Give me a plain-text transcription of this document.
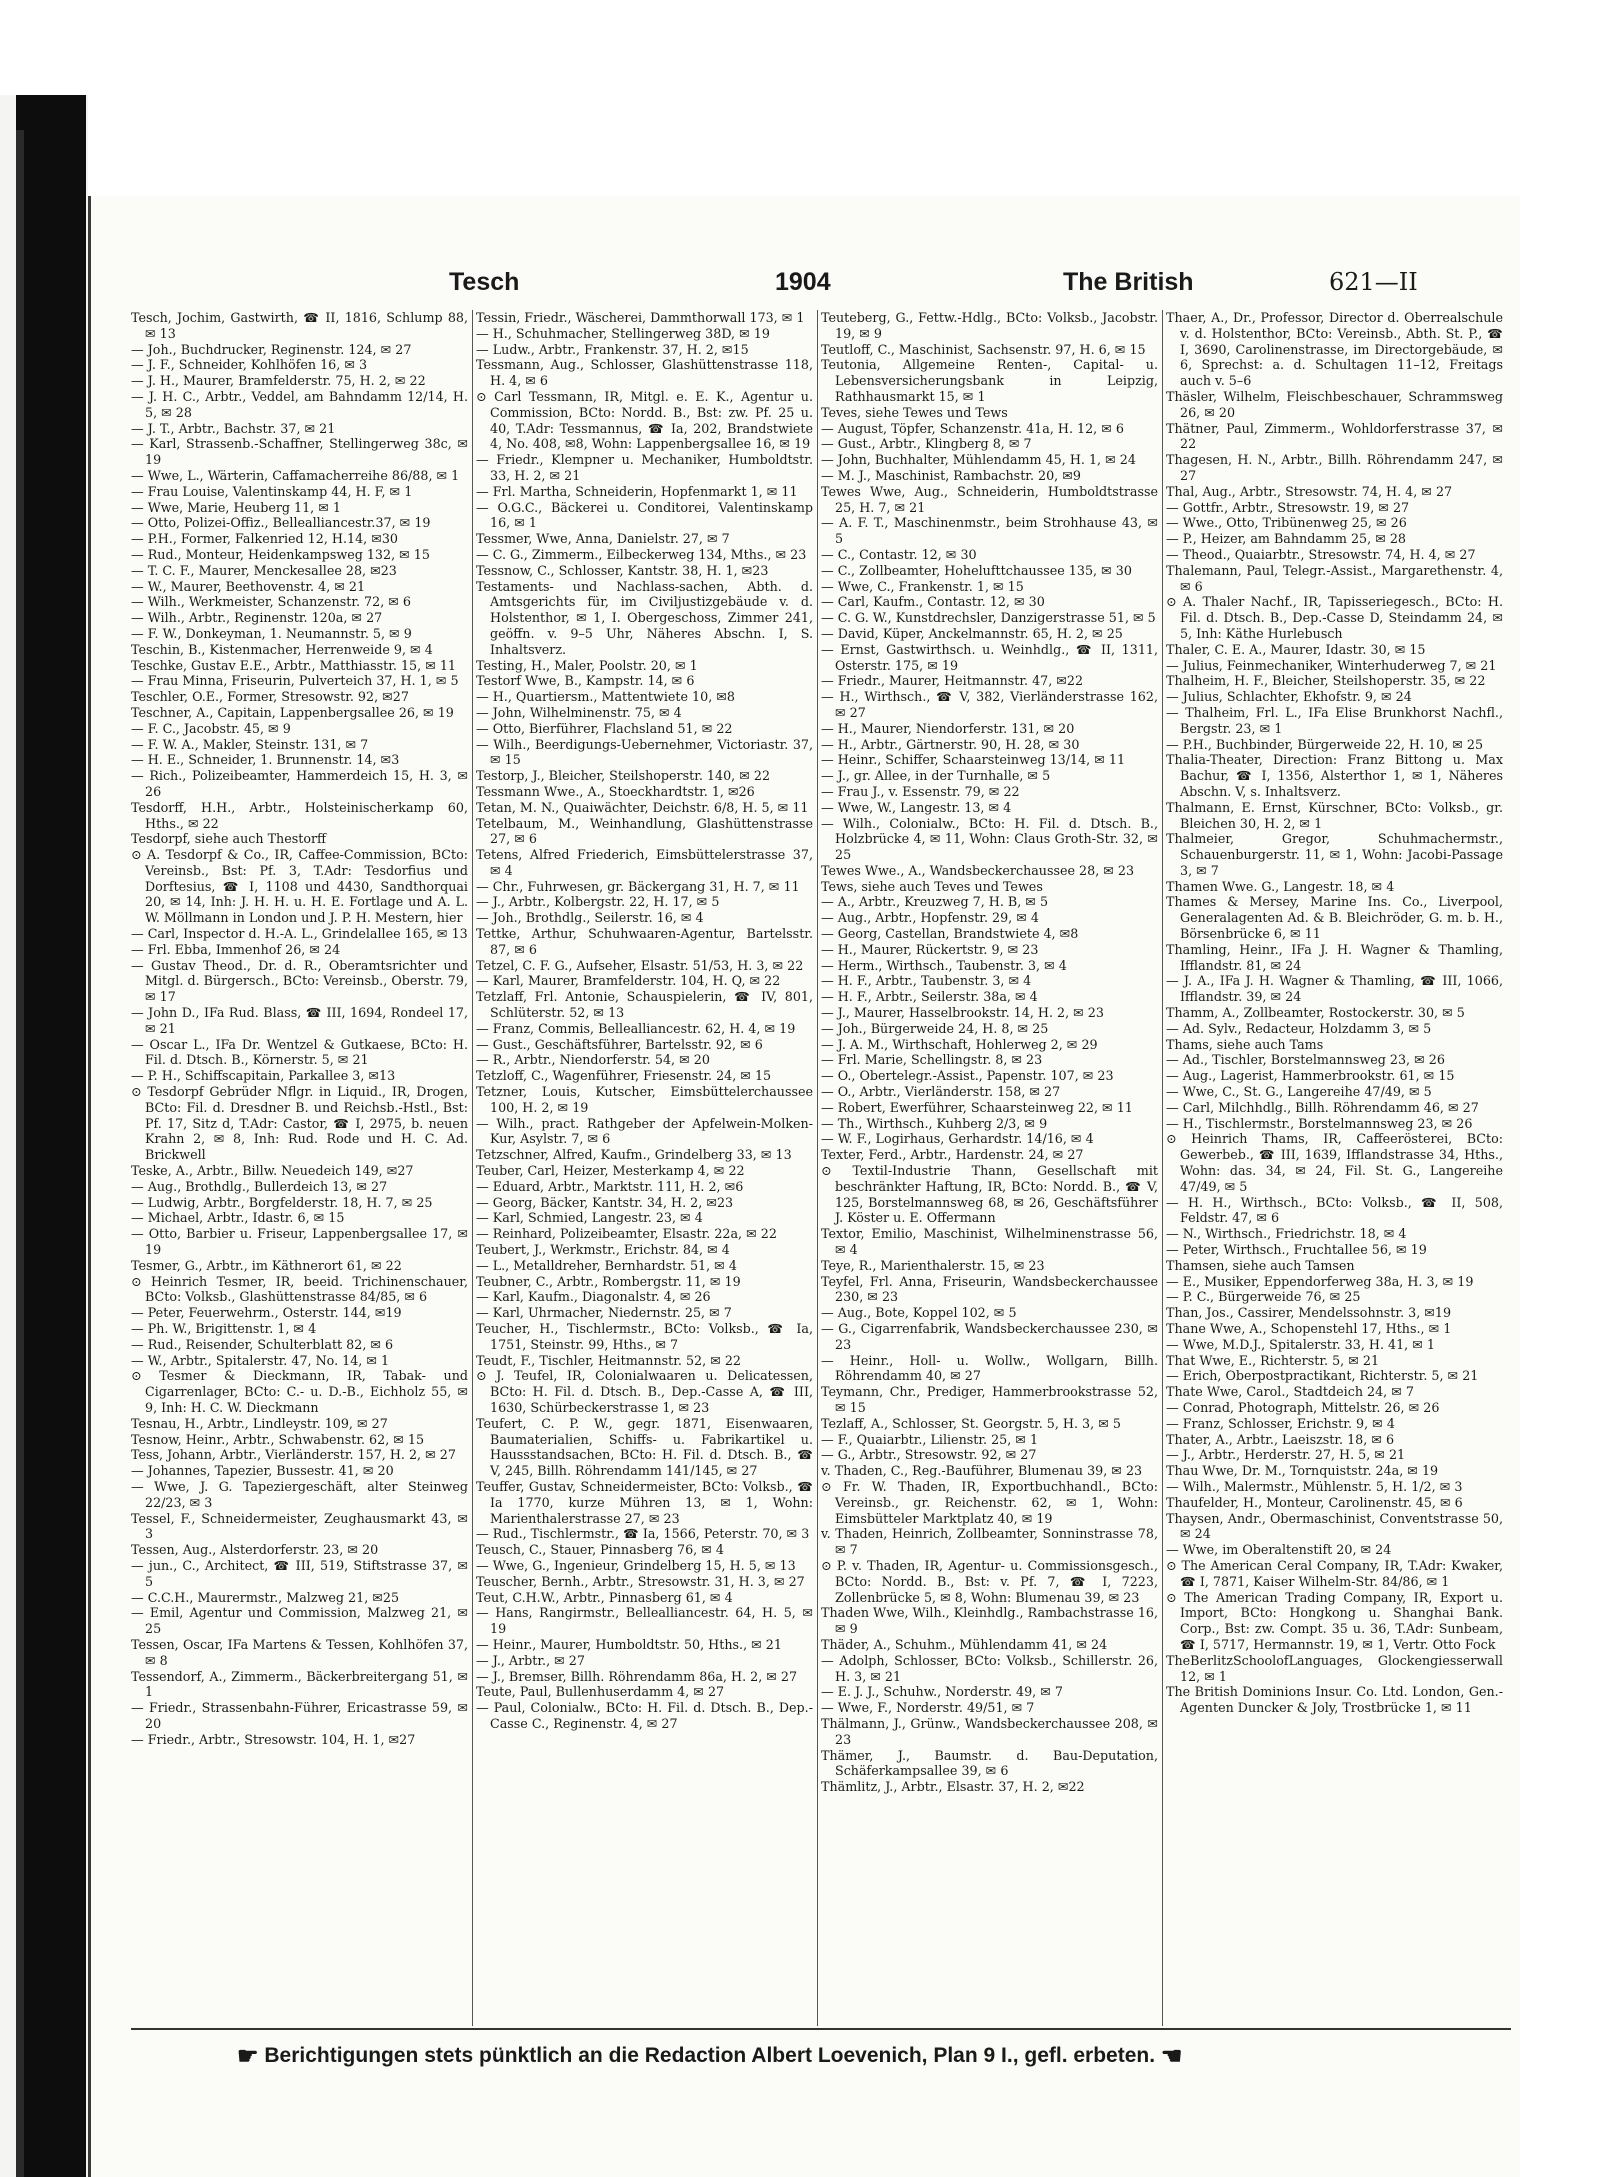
Tesch	1904	The British	621—II
Tesch, Jochim, Gastwirth, ☎ II, 1816, Schlump 88, ✉ 13
— Joh., Buchdrucker, Reginenstr. 124, ✉ 27
— J. F., Schneider, Kohlhöfen 16, ✉ 3
— J. H., Maurer, Bramfelderstr. 75, H. 2, ✉ 22
— J. H. C., Arbtr., Veddel, am Bahndamm 12/14, H. 5, ✉ 28
— J. T., Arbtr., Bachstr. 37, ✉ 21
— Karl, Strassenb.-Schaffner, Stellingerweg 38c, ✉ 19
— Wwe, L., Wärterin, Caffamacherreihe 86/88, ✉ 1
— Frau Louise, Valentinskamp 44, H. F, ✉ 1
— Wwe, Marie, Heuberg 11, ✉ 1
— Otto, Polizei-Offiz., Bellealliancestr.37, ✉ 19
— P.H., Former, Falkenried 12, H.14, ✉30
— Rud., Monteur, Heidenkampsweg 132, ✉ 15
— T. C. F., Maurer, Menckesallee 28, ✉23
— W., Maurer, Beethovenstr. 4, ✉ 21
— Wilh., Werkmeister, Schanzenstr. 72, ✉ 6
— Wilh., Arbtr., Reginenstr. 120a, ✉ 27
— F. W., Donkeyman, 1. Neumannstr. 5, ✉ 9
Teschin, B., Kistenmacher, Herrenweide 9, ✉ 4
Teschke, Gustav E.E., Arbtr., Matthiasstr. 15, ✉ 11
— Frau Minna, Friseurin, Pulverteich 37, H. 1, ✉ 5
Teschler, O.E., Former, Stresowstr. 92, ✉27
Teschner, A., Capitain, Lappenbergsallee 26, ✉ 19
— F. C., Jacobstr. 45, ✉ 9
— F. W. A., Makler, Steinstr. 131, ✉ 7
— H. E., Schneider, 1. Brunnenstr. 14, ✉3
— Rich., Polizeibeamter, Hammerdeich 15, H. 3, ✉ 26
Tesdorff, H.H., Arbtr., Holsteinischerkamp 60, Hths., ✉ 22
Tesdorpf, siehe auch Thestorff
⊙ A. Tesdorpf & Co., IR, Caffee-Commission, BCto: Vereinsb., Bst: Pf. 3, T.Adr: Tesdorfius und Dorftesius, ☎ I, 1108 und 4430, Sandthorquai 20, ✉ 14, Inh: J. H. H. u. H. E. Fortlage und A. L. W. Möllmann in London und J. P. H. Mestern, hier
— Carl, Inspector d. H.-A. L., Grindelallee 165, ✉ 13
— Frl. Ebba, Immenhof 26, ✉ 24
— Gustav Theod., Dr. d. R., Oberamtsrichter und Mitgl. d. Bürgersch., BCto: Vereinsb., Oberstr. 79, ✉ 17
— John D., IFa Rud. Blass, ☎ III, 1694, Rondeel 17, ✉ 21
— Oscar L., IFa Dr. Wentzel & Gutkaese, BCto: H. Fil. d. Dtsch. B., Körnerstr. 5, ✉ 21
— P. H., Schiffscapitain, Parkallee 3, ✉13
⊙ Tesdorpf Gebrüder Nflgr. in Liquid., IR, Drogen, BCto: Fil. d. Dresdner B. und Reichsb.-Hstl., Bst: Pf. 17, Sitz d, T.Adr: Castor, ☎ I, 2975, b. neuen Krahn 2, ✉ 8, Inh: Rud. Rode und H. C. Ad. Brickwell
Teske, A., Arbtr., Billw. Neuedeich 149, ✉27
— Aug., Brothdlg., Bullerdeich 13, ✉ 27
— Ludwig, Arbtr., Borgfelderstr. 18, H. 7, ✉ 25
— Michael, Arbtr., Idastr. 6, ✉ 15
— Otto, Barbier u. Friseur, Lappenbergsallee 17, ✉ 19
Tesmer, G., Arbtr., im Käthnerort 61, ✉ 22
⊙ Heinrich Tesmer, IR, beeid. Trichinenschauer, BCto: Volksb., Glashüttenstrasse 84/85, ✉ 6
— Peter, Feuerwehrm., Osterstr. 144, ✉19
— Ph. W., Brigittenstr. 1, ✉ 4
— Rud., Reisender, Schulterblatt 82, ✉ 6
— W., Arbtr., Spitalerstr. 47, No. 14, ✉ 1
⊙ Tesmer & Dieckmann, IR, Tabak- und Cigarrenlager, BCto: C.- u. D.-B., Eichholz 55, ✉ 9, Inh: H. C. W. Dieckmann
Tesnau, H., Arbtr., Lindleystr. 109, ✉ 27
Tesnow, Heinr., Arbtr., Schwabenstr. 62, ✉ 15
Tess, Johann, Arbtr., Vierländerstr. 157, H. 2, ✉ 27
— Johannes, Tapezier, Bussestr. 41, ✉ 20
— Wwe, J. G. Tapeziergeschäft, alter Steinweg 22/23, ✉ 3
Tessel, F., Schneidermeister, Zeughausmarkt 43, ✉ 3
Tessen, Aug., Alsterdorferstr. 23, ✉ 20
— jun., C., Architect, ☎ III, 519, Stiftstrasse 37, ✉ 5
— C.C.H., Maurermstr., Malzweg 21, ✉25
— Emil, Agentur und Commission, Malzweg 21, ✉ 25
Tessen, Oscar, IFa Martens & Tessen, Kohlhöfen 37, ✉ 8
Tessendorf, A., Zimmerm., Bäckerbreitergang 51, ✉ 1
— Friedr., Strassenbahn-Führer, Ericastrasse 59, ✉ 20
— Friedr., Arbtr., Stresowstr. 104, H. 1, ✉27
Tessin, Friedr., Wäscherei, Dammthorwall 173, ✉ 1
— H., Schuhmacher, Stellingerweg 38D, ✉ 19
— Ludw., Arbtr., Frankenstr. 37, H. 2, ✉15
Tessmann, Aug., Schlosser, Glashüttenstrasse 118, H. 4, ✉ 6
⊙ Carl Tessmann, IR, Mitgl. e. E. K., Agentur u. Commission, BCto: Nordd. B., Bst: zw. Pf. 25 u. 40, T.Adr: Tessmannus, ☎ Ia, 202, Brandstwiete 4, No. 408, ✉8, Wohn: Lappenbergsallee 16, ✉ 19
— Friedr., Klempner u. Mechaniker, Humboldtstr. 33, H. 2, ✉ 21
— Frl. Martha, Schneiderin, Hopfenmarkt 1, ✉ 11
— O.G.C., Bäckerei u. Conditorei, Valentinskamp 16, ✉ 1
Tessmer, Wwe, Anna, Danielstr. 27, ✉ 7
— C. G., Zimmerm., Eilbeckerweg 134, Mths., ✉ 23
Tessnow, C., Schlosser, Kantstr. 38, H. 1, ✉23
Testaments- und Nachlass-sachen, Abth. d. Amtsgerichts für, im Civiljustizgebäude v. d. Holstenthor, ✉ 1, I. Obergeschoss, Zimmer 241, geöffn. v. 9–5 Uhr, Näheres Abschn. I, S. Inhaltsverz.
Testing, H., Maler, Poolstr. 20, ✉ 1
Testorf Wwe, B., Kampstr. 14, ✉ 6
— H., Quartiersm., Mattentwiete 10, ✉8
— John, Wilhelminenstr. 75, ✉ 4
— Otto, Bierführer, Flachsland 51, ✉ 22
— Wilh., Beerdigungs-Uebernehmer, Victoriastr. 37, ✉ 15
Testorp, J., Bleicher, Steilshoperstr. 140, ✉ 22
Tessmann Wwe., A., Stoeckhardtstr. 1, ✉26
Tetan, M. N., Quaiwächter, Deichstr. 6/8, H. 5, ✉ 11
Tetelbaum, M., Weinhandlung, Glashüttenstrasse 27, ✉ 6
Tetens, Alfred Friederich, Eimsbüttelerstrasse 37, ✉ 4
— Chr., Fuhrwesen, gr. Bäckergang 31, H. 7, ✉ 11
— J., Arbtr., Kolbergstr. 22, H. 17, ✉ 5
— Joh., Brothdlg., Seilerstr. 16, ✉ 4
Tettke, Arthur, Schuhwaaren-Agentur, Bartelsstr. 87, ✉ 6
Tetzel, C. F. G., Aufseher, Elsastr. 51/53, H. 3, ✉ 22
— Karl, Maurer, Bramfelderstr. 104, H. Q, ✉ 22
Tetzlaff, Frl. Antonie, Schauspielerin, ☎ IV, 801, Schlüterstr. 52, ✉ 13
— Franz, Commis, Bellealliancestr. 62, H. 4, ✉ 19
— Gust., Geschäftsführer, Bartelsstr. 92, ✉ 6
— R., Arbtr., Niendorferstr. 54, ✉ 20
Tetzloff, C., Wagenführer, Friesenstr. 24, ✉ 15
Tetzner, Louis, Kutscher, Eimsbüttelerchaussee 100, H. 2, ✉ 19
— Wilh., pract. Rathgeber der Apfelwein-Molken-Kur, Asylstr. 7, ✉ 6
Tetzschner, Alfred, Kaufm., Grindelberg 33, ✉ 13
Teuber, Carl, Heizer, Mesterkamp 4, ✉ 22
— Eduard, Arbtr., Marktstr. 111, H. 2, ✉6
— Georg, Bäcker, Kantstr. 34, H. 2, ✉23
— Karl, Schmied, Langestr. 23, ✉ 4
— Reinhard, Polizeibeamter, Elsastr. 22a, ✉ 22
Teubert, J., Werkmstr., Erichstr. 84, ✉ 4
— L., Metalldreher, Bernhardstr. 51, ✉ 4
Teubner, C., Arbtr., Rombergstr. 11, ✉ 19
— Karl, Kaufm., Diagonalstr. 4, ✉ 26
— Karl, Uhrmacher, Niedernstr. 25, ✉ 7
Teucher, H., Tischlermstr., BCto: Volksb., ☎ Ia, 1751, Steinstr. 99, Hths., ✉ 7
Teudt, F., Tischler, Heitmannstr. 52, ✉ 22
⊙ J. Teufel, IR, Colonialwaaren u. Delicatessen, BCto: H. Fil. d. Dtsch. B., Dep.-Casse A, ☎ III, 1630, Schürbeckerstrasse 1, ✉ 23
Teufert, C. P. W., gegr. 1871, Eisenwaaren, Baumaterialien, Schiffs- u. Fabrikartikel u. Haussstandsachen, BCto: H. Fil. d. Dtsch. B., ☎ V, 245, Billh. Röhrendamm 141/145, ✉ 27
Teuffer, Gustav, Schneidermeister, BCto: Volksb., ☎ Ia 1770, kurze Mühren 13, ✉ 1, Wohn: Marienthalerstrasse 27, ✉ 23
— Rud., Tischlermstr., ☎ Ia, 1566, Peterstr. 70, ✉ 3
Teusch, C., Stauer, Pinnasberg 76, ✉ 4
— Wwe, G., Ingenieur, Grindelberg 15, H. 5, ✉ 13
Teuscher, Bernh., Arbtr., Stresowstr. 31, H. 3, ✉ 27
Teut, C.H.W., Arbtr., Pinnasberg 61, ✉ 4
— Hans, Rangirmstr., Bellealliancestr. 64, H. 5, ✉ 19
— Heinr., Maurer, Humboldtstr. 50, Hths., ✉ 21
— J., Arbtr., ✉ 27
— J., Bremser, Billh. Röhrendamm 86a, H. 2, ✉ 27
Teute, Paul, Bullenhuserdamm 4, ✉ 27
— Paul, Colonialw., BCto: H. Fil. d. Dtsch. B., Dep.-Casse C., Reginenstr. 4, ✉ 27
Teuteberg, G., Fettw.-Hdlg., BCto: Volksb., Jacobstr. 19, ✉ 9
Teutloff, C., Maschinist, Sachsenstr. 97, H. 6, ✉ 15
Teutonia, Allgemeine Renten-, Capital- u. Lebensversicherungsbank in Leipzig, Rathhausmarkt 15, ✉ 1
Teves, siehe Tewes und Tews
— August, Töpfer, Schanzenstr. 41a, H. 12, ✉ 6
— Gust., Arbtr., Klingberg 8, ✉ 7
— John, Buchhalter, Mühlendamm 45, H. 1, ✉ 24
— M. J., Maschinist, Rambachstr. 20, ✉9
Tewes Wwe, Aug., Schneiderin, Humboldtstrasse 25, H. 7, ✉ 21
— A. F. T., Maschinenmstr., beim Strohhause 43, ✉ 5
— C., Contastr. 12, ✉ 30
— C., Zollbeamter, Hohelufttchaussee 135, ✉ 30
— Wwe, C., Frankenstr. 1, ✉ 15
— Carl, Kaufm., Contastr. 12, ✉ 30
— C. G. W., Kunstdrechsler, Danzigerstrasse 51, ✉ 5
— David, Küper, Anckelmannstr. 65, H. 2, ✉ 25
— Ernst, Gastwirthsch. u. Weinhdlg., ☎ II, 1311, Osterstr. 175, ✉ 19
— Friedr., Maurer, Heitmannstr. 47, ✉22
— H., Wirthsch., ☎ V, 382, Vierländerstrasse 162, ✉ 27
— H., Maurer, Niendorferstr. 131, ✉ 20
— H., Arbtr., Gärtnerstr. 90, H. 28, ✉ 30
— Heinr., Schiffer, Schaarsteinweg 13/14, ✉ 11
— J., gr. Allee, in der Turnhalle, ✉ 5
— Frau J., v. Essenstr. 79, ✉ 22
— Wwe, W., Langestr. 13, ✉ 4
— Wilh., Colonialw., BCto: H. Fil. d. Dtsch. B., Holzbrücke 4, ✉ 11, Wohn: Claus Groth-Str. 32, ✉ 25
Tewes Wwe., A., Wandsbeckerchaussee 28, ✉ 23
Tews, siehe auch Teves und Tewes
— A., Arbtr., Kreuzweg 7, H. B, ✉ 5
— Aug., Arbtr., Hopfenstr. 29, ✉ 4
— Georg, Castellan, Brandstwiete 4, ✉8
— H., Maurer, Rückertstr. 9, ✉ 23
— Herm., Wirthsch., Taubenstr. 3, ✉ 4
— H. F., Arbtr., Taubenstr. 3, ✉ 4
— H. F., Arbtr., Seilerstr. 38a, ✉ 4
— J., Maurer, Hasselbrookstr. 14, H. 2, ✉ 23
— Joh., Bürgerweide 24, H. 8, ✉ 25
— J. A. M., Wirthschaft, Hohlerweg 2, ✉ 29
— Frl. Marie, Schellingstr. 8, ✉ 23
— O., Obertelegr.-Assist., Papenstr. 107, ✉ 23
— O., Arbtr., Vierländerstr. 158, ✉ 27
— Robert, Ewerführer, Schaarsteinweg 22, ✉ 11
— Th., Wirthsch., Kuhberg 2/3, ✉ 9
— W. F., Logirhaus, Gerhardstr. 14/16, ✉ 4
Texter, Ferd., Arbtr., Hardenstr. 24, ✉ 27
⊙ Textil-Industrie Thann, Gesellschaft mit beschränkter Haftung, IR, BCto: Nordd. B., ☎ V, 125, Borstelmannsweg 68, ✉ 26, Geschäftsführer J. Köster u. E. Offermann
Textor, Emilio, Maschinist, Wilhelminenstrasse 56, ✉ 4
Teye, R., Marienthalerstr. 15, ✉ 23
Teyfel, Frl. Anna, Friseurin, Wandsbeckerchaussee 230, ✉ 23
— Aug., Bote, Koppel 102, ✉ 5
— G., Cigarrenfabrik, Wandsbeckerchaussee 230, ✉ 23
— Heinr., Holl- u. Wollw., Wollgarn, Billh. Röhrendamm 40, ✉ 27
Teymann, Chr., Prediger, Hammerbrookstrasse 52, ✉ 15
Tezlaff, A., Schlosser, St. Georgstr. 5, H. 3, ✉ 5
— F., Quaiarbtr., Lilienstr. 25, ✉ 1
— G., Arbtr., Stresowstr. 92, ✉ 27
v. Thaden, C., Reg.-Bauführer, Blumenau 39, ✉ 23
⊙ Fr. W. Thaden, IR, Exportbuchhandl., BCto: Vereinsb., gr. Reichenstr. 62, ✉ 1, Wohn: Eimsbütteler Marktplatz 40, ✉ 19
v. Thaden, Heinrich, Zollbeamter, Sonninstrasse 78, ✉ 7
⊙ P. v. Thaden, IR, Agentur- u. Commissionsgesch., BCto: Nordd. B., Bst: v. Pf. 7, ☎ I, 7223, Zollenbrücke 5, ✉ 8, Wohn: Blumenau 39, ✉ 23
Thaden Wwe, Wilh., Kleinhdlg., Rambachstrasse 16, ✉ 9
Thäder, A., Schuhm., Mühlendamm 41, ✉ 24
— Adolph, Schlosser, BCto: Volksb., Schillerstr. 26, H. 3, ✉ 21
— E. J. J., Schuhw., Norderstr. 49, ✉ 7
— Wwe, F., Norderstr. 49/51, ✉ 7
Thälmann, J., Grünw., Wandsbeckerchaussee 208, ✉ 23
Thämer, J., Baumstr. d. Bau-Deputation, Schäferkampsallee 39, ✉ 6
Thämlitz, J., Arbtr., Elsastr. 37, H. 2, ✉22
Thaer, A., Dr., Professor, Director d. Oberrealschule v. d. Holstenthor, BCto: Vereinsb., Abth. St. P., ☎ I, 3690, Carolinenstrasse, im Directorgebäude, ✉ 6, Sprechst: a. d. Schultagen 11–12, Freitags auch v. 5–6
Thäsler, Wilhelm, Fleischbeschauer, Schrammsweg 26, ✉ 20
Thätner, Paul, Zimmerm., Wohldorferstrasse 37, ✉ 22
Thagesen, H. N., Arbtr., Billh. Röhrendamm 247, ✉ 27
Thal, Aug., Arbtr., Stresowstr. 74, H. 4, ✉ 27
— Gottfr., Arbtr., Stresowstr. 19, ✉ 27
— Wwe., Otto, Tribünenweg 25, ✉ 26
— P., Heizer, am Bahndamm 25, ✉ 28
— Theod., Quaiarbtr., Stresowstr. 74, H. 4, ✉ 27
Thalemann, Paul, Telegr.-Assist., Margarethenstr. 4, ✉ 6
⊙ A. Thaler Nachf., IR, Tapisseriegesch., BCto: H. Fil. d. Dtsch. B., Dep.-Casse D, Steindamm 24, ✉ 5, Inh: Käthe Hurlebusch
Thaler, C. E. A., Maurer, Idastr. 30, ✉ 15
— Julius, Feinmechaniker, Winterhuderweg 7, ✉ 21
Thalheim, H. F., Bleicher, Steilshoperstr. 35, ✉ 22
— Julius, Schlachter, Ekhofstr. 9, ✉ 24
— Thalheim, Frl. L., IFa Elise Brunkhorst Nachfl., Bergstr. 23, ✉ 1
— P.H., Buchbinder, Bürgerweide 22, H. 10, ✉ 25
Thalia-Theater, Direction: Franz Bittong u. Max Bachur, ☎ I, 1356, Alsterthor 1, ✉ 1, Näheres Abschn. V, s. Inhaltsverz.
Thalmann, E. Ernst, Kürschner, BCto: Volksb., gr. Bleichen 30, H. 2, ✉ 1
Thalmeier, Gregor, Schuhmachermstr., Schauenburgerstr. 11, ✉ 1, Wohn: Jacobi-Passage 3, ✉ 7
Thamen Wwe. G., Langestr. 18, ✉ 4
Thames & Mersey, Marine Ins. Co., Liverpool, Generalagenten Ad. & B. Bleichröder, G. m. b. H., Börsenbrücke 6, ✉ 11
Thamling, Heinr., IFa J. H. Wagner & Thamling, Ifflandstr. 81, ✉ 24
— J. A., IFa J. H. Wagner & Thamling, ☎ III, 1066, Ifflandstr. 39, ✉ 24
Thamm, A., Zollbeamter, Rostockerstr. 30, ✉ 5
— Ad. Sylv., Redacteur, Holzdamm 3, ✉ 5
Thams, siehe auch Tams
— Ad., Tischler, Borstelmannsweg 23, ✉ 26
— Aug., Lagerist, Hammerbrookstr. 61, ✉ 15
— Wwe, C., St. G., Langereihe 47/49, ✉ 5
— Carl, Milchhdlg., Billh. Röhrendamm 46, ✉ 27
— H., Tischlermstr., Borstelmannsweg 23, ✉ 26
⊙ Heinrich Thams, IR, Caffeerösterei, BCto: Gewerbeb., ☎ III, 1639, Ifflandstrasse 34, Hths., Wohn: das. 34, ✉ 24, Fil. St. G., Langereihe 47/49, ✉ 5
— H. H., Wirthsch., BCto: Volksb., ☎ II, 508, Feldstr. 47, ✉ 6
— N., Wirthsch., Friedrichstr. 18, ✉ 4
— Peter, Wirthsch., Fruchtallee 56, ✉ 19
Thamsen, siehe auch Tamsen
— E., Musiker, Eppendorferweg 38a, H. 3, ✉ 19
— P. C., Bürgerweide 76, ✉ 25
Than, Jos., Cassirer, Mendelssohnstr. 3, ✉19
Thane Wwe, A., Schopenstehl 17, Hths., ✉ 1
— Wwe, M.D.J., Spitalerstr. 33, H. 41, ✉ 1
That Wwe, E., Richterstr. 5, ✉ 21
— Erich, Oberpostpractikant, Richterstr. 5, ✉ 21
Thate Wwe, Carol., Stadtdeich 24, ✉ 7
— Conrad, Photograph, Mittelstr. 26, ✉ 26
— Franz, Schlosser, Erichstr. 9, ✉ 4
Thater, A., Arbtr., Laeiszstr. 18, ✉ 6
— J., Arbtr., Herderstr. 27, H. 5, ✉ 21
Thau Wwe, Dr. M., Tornquiststr. 24a, ✉ 19
— Wilh., Malermstr., Mühlenstr. 5, H. 1/2, ✉ 3
Thaufelder, H., Monteur, Carolinenstr. 45, ✉ 6
Thaysen, Andr., Obermaschinist, Conventstrasse 50, ✉ 24
— Wwe, im Oberaltenstift 20, ✉ 24
⊙ The American Ceral Company, IR, T.Adr: Kwaker, ☎ I, 7871, Kaiser Wilhelm-Str. 84/86, ✉ 1
⊙ The American Trading Company, IR, Export u. Import, BCto: Hongkong u. Shanghai Bank. Corp., Bst: zw. Compt. 35 u. 36, T.Adr: Sunbeam, ☎ I, 5717, Hermannstr. 19, ✉ 1, Vertr. Otto Fock
TheBerlitzSchoolofLanguages, Glockengiesserwall 12, ✉ 1
The British Dominions Insur. Co. Ltd. London, Gen.-Agenten Duncker & Joly, Trostbrücke 1, ✉ 11
☛ Berichtigungen stets pünktlich an die Redaction Albert Loevenich, Plan 9 I., gefl. erbeten. ☚
